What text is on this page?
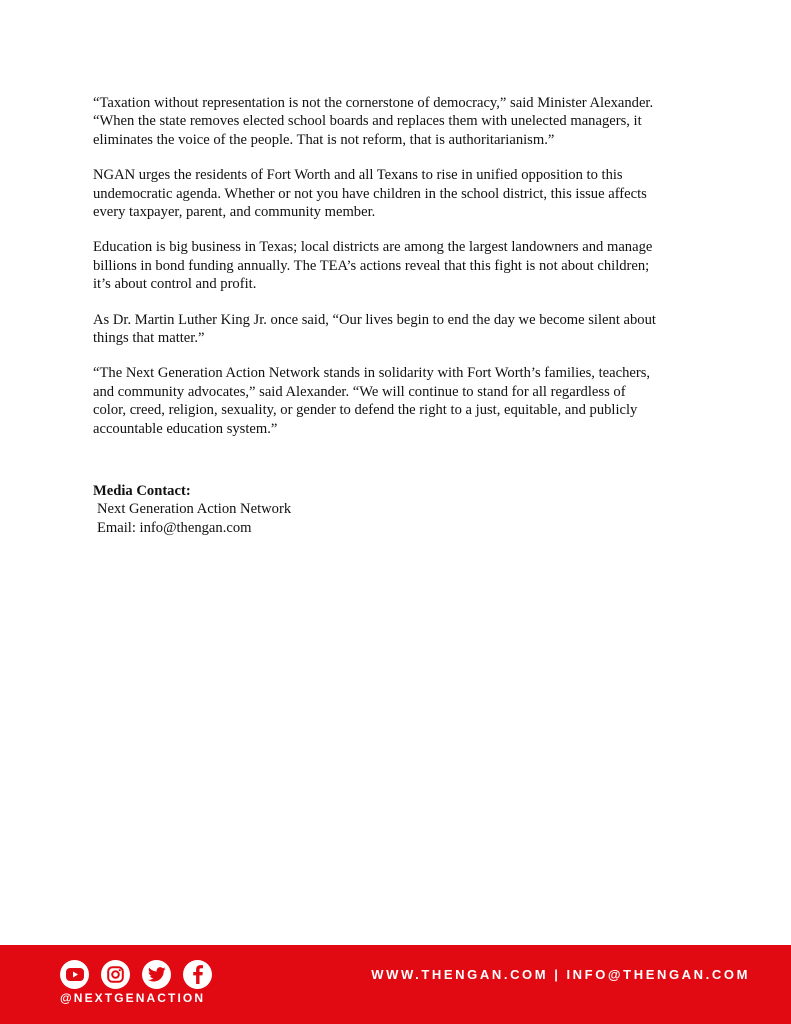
“Taxation without representation is not the cornerstone of democracy,” said Minister Alexander.
“When the state removes elected school boards and replaces them with unelected managers, it
eliminates the voice of the people. That is not reform, that is authoritarianism.”

NGAN urges the residents of Fort Worth and all Texans to rise in unified opposition to this
undemocratic agenda. Whether or not you have children in the school district, this issue affects
every taxpayer, parent, and community member.

Education is big business in Texas; local districts are among the largest landowners and manage
billions in bond funding annually. The TEA’s actions reveal that this fight is not about children;
it’s about control and profit.

As Dr. Martin Luther King Jr. once said, “Our lives begin to end the day we become silent about
things that matter.”

“The Next Generation Action Network stands in solidarity with Fort Worth’s families, teachers,
and community advocates,” said Alexander. “We will continue to stand for all regardless of
color, creed, religion, sexuality, or gender to defend the right to a just, equitable, and publicly
accountable education system.”

Media Contact:
Next Generation Action Network
Email: info@thengan.com
@NEXTGENACTION
WWW.THENGAN.COM | INFO@THENGAN.COM
